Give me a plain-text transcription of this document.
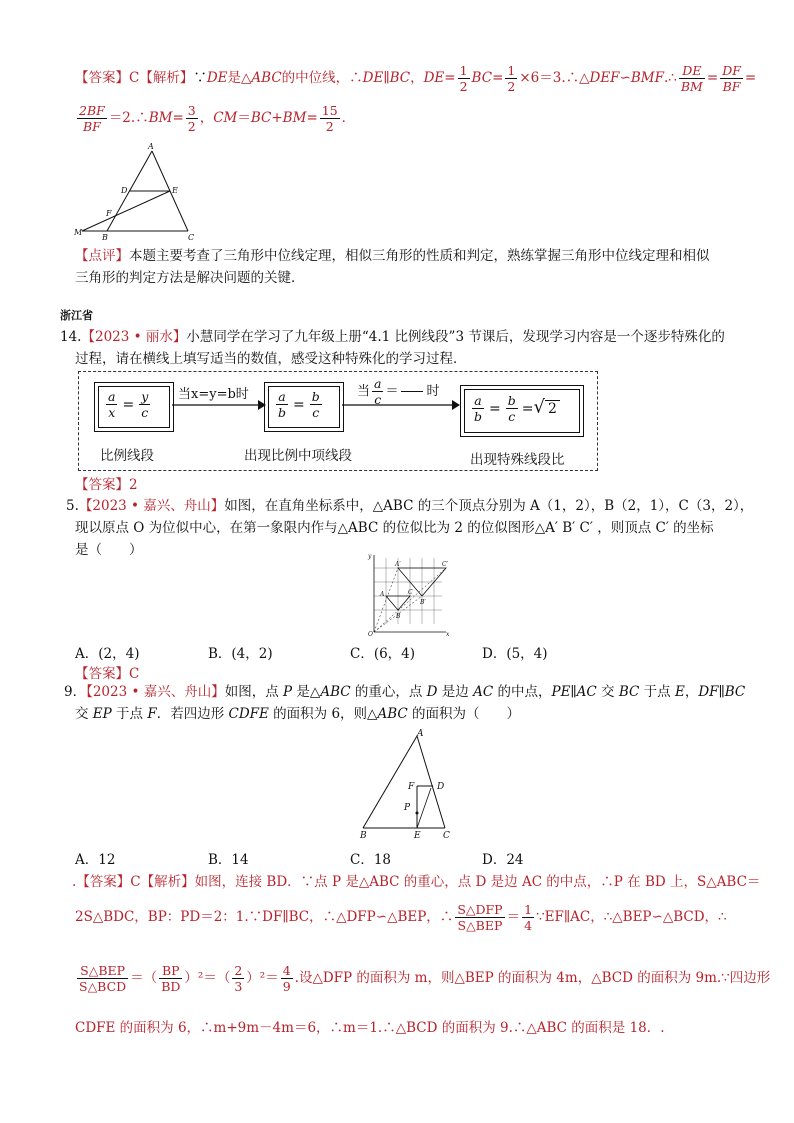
【答案】C【解析】∵DE是△ABC的中位线，∴DE∥BC，$DE= \frac{1}{2} BC= \frac{1}{2}$ ×6＝3.∴△DEF∽BMF.∴ $\frac{DE}{BM} = \frac{DF}{BF}$ =
$\frac{2BF}{BF}$ ＝2.∴BM= $\frac{3}{2}$ ，$CM=BC+BM= \frac{15}{2}$ ．
A
D	E
F
M
B	C
【点评】本题主要考查了三角形中位线定理，相似三角形的性质和判定，熟练掌握三角形中位线定理和相似
三角形的判定方法是解决问题的关键．
浙江省
14.【2023 • 丽水】小慧同学在学习了九年级上册“4.1 比例线段”3 节课后，发现学习内容是一个逐步特殊化的
过程，请在横线上填写适当的数值，感受这种特殊化的学习过程．
$\frac{a}{x} = \frac{y}{c}$ 当x=y=b时 $\frac{a}{b} = \frac{b}{c}$	当 $\frac{a}{c}$ ＝ 时
$\frac{a}{b} = \frac{b}{c}$ =√ 2
比例线段	出现比例中项线段	出现特殊线段比
【答案】2
5.【2023 • 嘉兴、舟山】如图，在直角坐标系中，△ABC 的三个顶点分别为 A（1，2），B（2，1），C（3，2），
现以原点 O 为位似中心，在第一象限内作与△ABC 的位似比为 2 的位似图形△A′ B′ C′ ，则顶点 C′ 的坐标
是（　　）	y
A′	C′
A	C
B′
B
O	x
A．(2，4)	B．(4，2)	C．(6，4)	D．(5，4)
【答案】C
9．【2023 • 嘉兴、舟山】如图，点 P 是△ABC 的重心，点 D 是边 AC 的中点，PE∥AC 交 BC 于点 E，DF∥BC
交 EP 于点 F．若四边形 CDFE 的面积为 6，则△ABC 的面积为（　　）
A
F	D
P
B	E C
A．12	B．14	C．18	D．24
.【答案】C【解析】如图，连接 BD．∵点 P 是△ABC 的重心，点 D 是边 AC 的中点，∴P 在 BD 上，S△ABC＝
2S△BDC，BP：PD＝2：1.∵DF∥BC，∴△DFP∽△BEP，∴ $\frac{\text{S△DFP}}{\text{S△BEP}} = \frac{1}{4}$ ∵EF∥AC，∴△BEP∽△BCD，∴
$\frac{\text{S△BEP}}{\text{S△BCD}}$ ＝（ $\frac{BP}{BD} )^2=( \frac{2}{3} )^2= \frac{4}{9}$ .设△DFP 的面积为 m，则△BEP 的面积为 4m，△BCD 的面积为 9m.∵四边形
CDFE 的面积为 6，∴m+9m－4m＝6，∴m＝1.∴△BCD 的面积为 9.∴△ABC 的面积是 18．.
